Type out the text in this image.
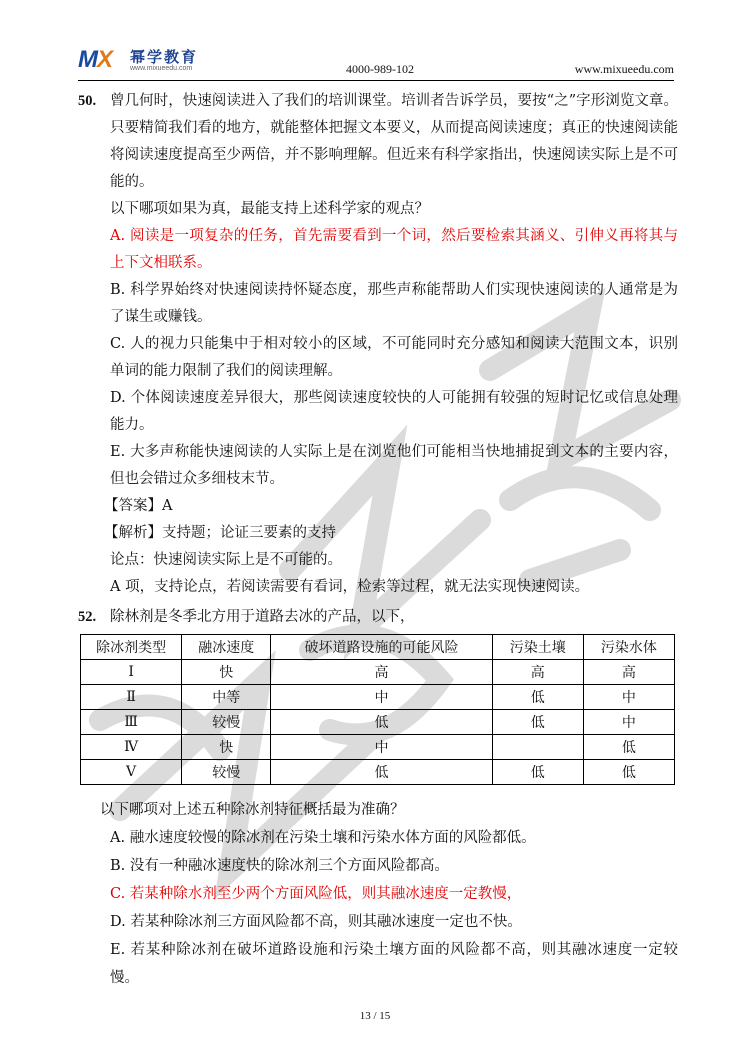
MX 幂学教育
www.mixueedu.com	4000-989-102	www.mixueedu.com
50. 曾几何时，快速阅读进入了我们的培训课堂。培训者告诉学员，要按“之”字形浏览文章。只要精简我们看的地方，就能整体把握文本要义，从而提高阅读速度；真正的快速阅读能将阅读速度提高至少两倍，并不影响理解。但近来有科学家指出，快速阅读实际上是不可能的。
以下哪项如果为真，最能支持上述科学家的观点？
A. 阅读是一项复杂的任务，首先需要看到一个词，然后要检索其涵义、引伸义再将其与上下文相联系。
B. 科学界始终对快速阅读持怀疑态度，那些声称能帮助人们实现快速阅读的人通常是为了谋生或赚钱。
C. 人的视力只能集中于相对较小的区域，不可能同时充分感知和阅读大范围文本，识别单词的能力限制了我们的阅读理解。
D. 个体阅读速度差异很大，那些阅读速度较快的人可能拥有较强的短时记忆或信息处理能力。
E. 大多声称能快速阅读的人实际上是在浏览他们可能相当快地捕捉到文本的主要内容，但也会错过众多细枝末节。
【答案】A
【解析】支持题；论证三要素的支持
论点：快速阅读实际上是不可能的。
A 项，支持论点，若阅读需要有看词，检索等过程，就无法实现快速阅读。
52. 除林剂是冬季北方用于道路去冰的产品，以下，
除冰剂类型	融冰速度	破坏道路设施的可能风险	污染土壤	污染水体
Ⅰ	快	高	高	高
Ⅱ	中等	中	低	中
Ⅲ	较慢	低	低	中
Ⅳ	快	中		低
Ⅴ	较慢	低	低	低
以下哪项对上述五种除冰剂特征概括最为准确？
A. 融水速度较慢的除冰剂在污染土壤和污染水体方面的风险都低。
B. 没有一种融冰速度快的除冰剂三个方面风险都高。
C. 若某种除水剂至少两个方面风险低，则其融冰速度一定教慢，
D. 若某种除冰剂三方面风险都不高，则其融冰速度一定也不快。
E. 若某种除冰剂在破坏道路设施和污染土壤方面的风险都不高，则其融冰速度一定较慢。
13 / 15
